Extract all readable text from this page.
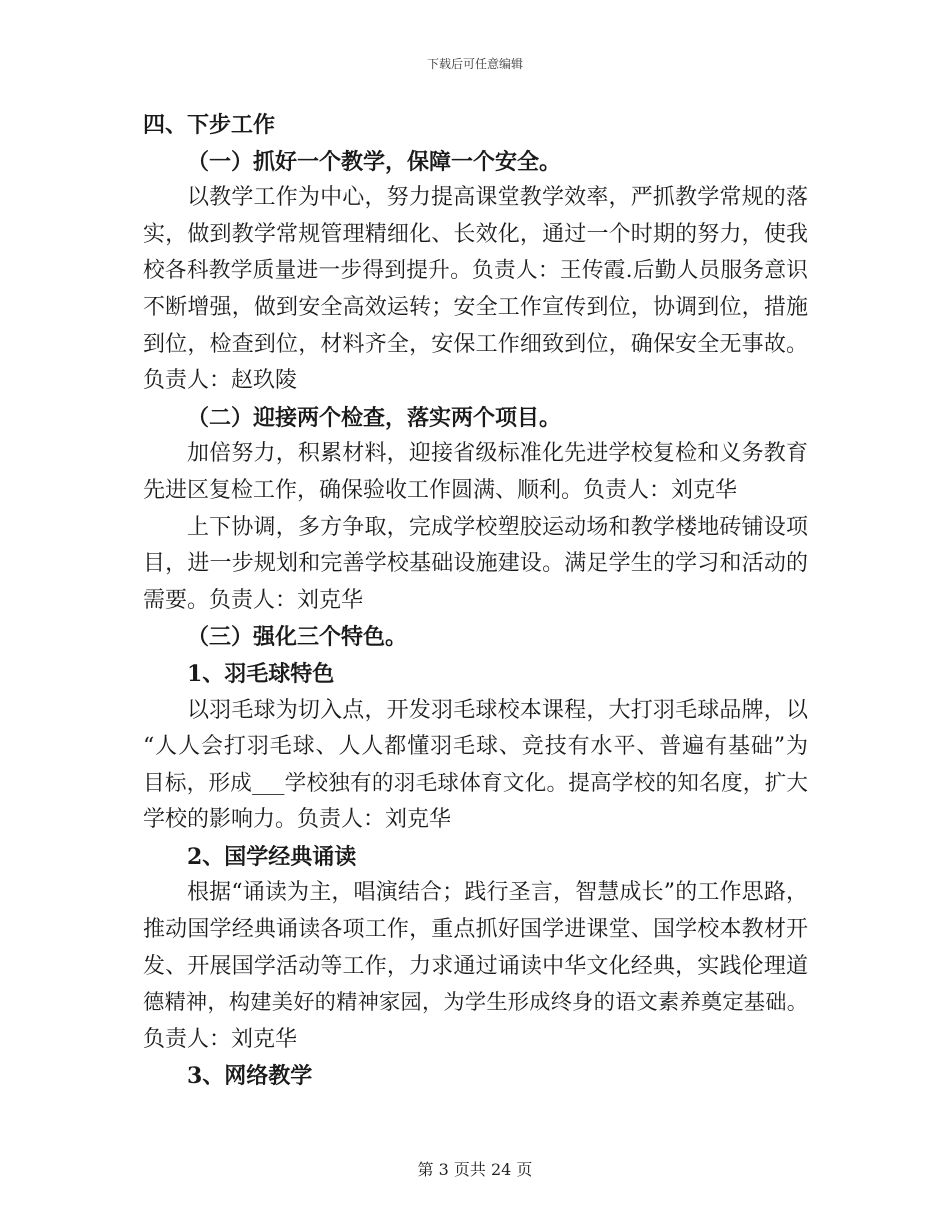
下载后可任意编辑
四、下步工作
（一）抓好一个教学，保障一个安全。
以教学工作为中心，努力提高课堂教学效率，严抓教学常规的落
实，做到教学常规管理精细化、长效化，通过一个时期的努力，使我
校各科教学质量进一步得到提升。负责人：王传霞.后勤人员服务意识
不断增强，做到安全高效运转；安全工作宣传到位，协调到位，措施
到位，检查到位，材料齐全，安保工作细致到位，确保安全无事故。
负责人：赵玖陵
（二）迎接两个检查，落实两个项目。
加倍努力，积累材料，迎接省级标准化先进学校复检和义务教育
先进区复检工作，确保验收工作圆满、顺利。负责人：刘克华
上下协调，多方争取，完成学校塑胶运动场和教学楼地砖铺设项
目，进一步规划和完善学校基础设施建设。满足学生的学习和活动的
需要。负责人：刘克华
（三）强化三个特色。
1、羽毛球特色
以羽毛球为切入点，开发羽毛球校本课程，大打羽毛球品牌，以
“人人会打羽毛球、人人都懂羽毛球、竞技有水平、普遍有基础”为
目标，形成___学校独有的羽毛球体育文化。提高学校的知名度，扩大
学校的影响力。负责人：刘克华
2、国学经典诵读
根据“诵读为主，唱演结合；践行圣言，智慧成长”的工作思路，
推动国学经典诵读各项工作，重点抓好国学进课堂、国学校本教材开
发、开展国学活动等工作，力求通过诵读中华文化经典，实践伦理道
德精神，构建美好的精神家园，为学生形成终身的语文素养奠定基础。
负责人：刘克华
3、网络教学
第 3 页共 24 页
